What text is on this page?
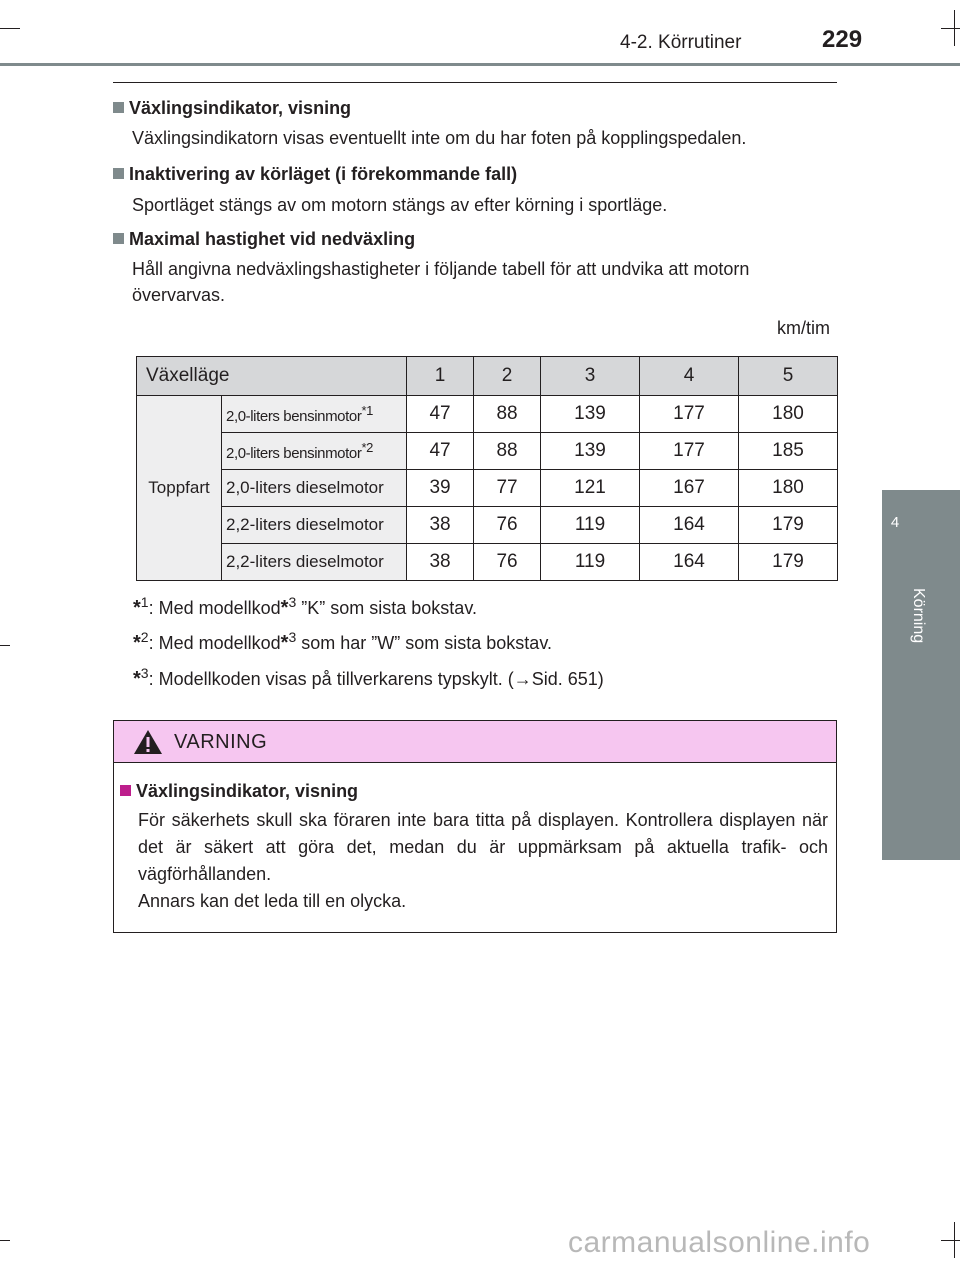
4-2. Körrutiner	229
4
Körning
Växlingsindikator, visning
Växlingsindikatorn visas eventuellt inte om du har foten på kopplingspedalen.
Inaktivering av körläget (i förekommande fall)
Sportläget stängs av om motorn stängs av efter körning i sportläge.
Maximal hastighet vid nedväxling
Håll angivna nedväxlingshastigheter i följande tabell för att undvika att motorn övervarvas.
km/tim
Växelläge		1	2	3	4	5
Toppfart	2,0-liters bensinmotor$^{*1}$	47	88	139	177	180
	2,0-liters bensinmotor$^{*2}$	47	88	139	177	185
	2,0-liters dieselmotor	39	77	121	167	180
	2,2-liters dieselmotor	38	76	119	164	179
	2,2-liters dieselmotor	38	76	119	164	179
*$^1$: Med modellkod*$^3$ ”K” som sista bokstav.
*$^2$: Med modellkod*$^3$ som har ”W” som sista bokstav.
*$^3$: Modellkoden visas på tillverkarens typskylt. (→Sid. 651)
VARNING
Växlingsindikator, visning
För säkerhets skull ska föraren inte bara titta på displayen. Kontrollera displayen när det är säkert att göra det, medan du är uppmärksam på aktuella trafik- och vägförhållanden.
Annars kan det leda till en olycka.
carmanualsonline.info
